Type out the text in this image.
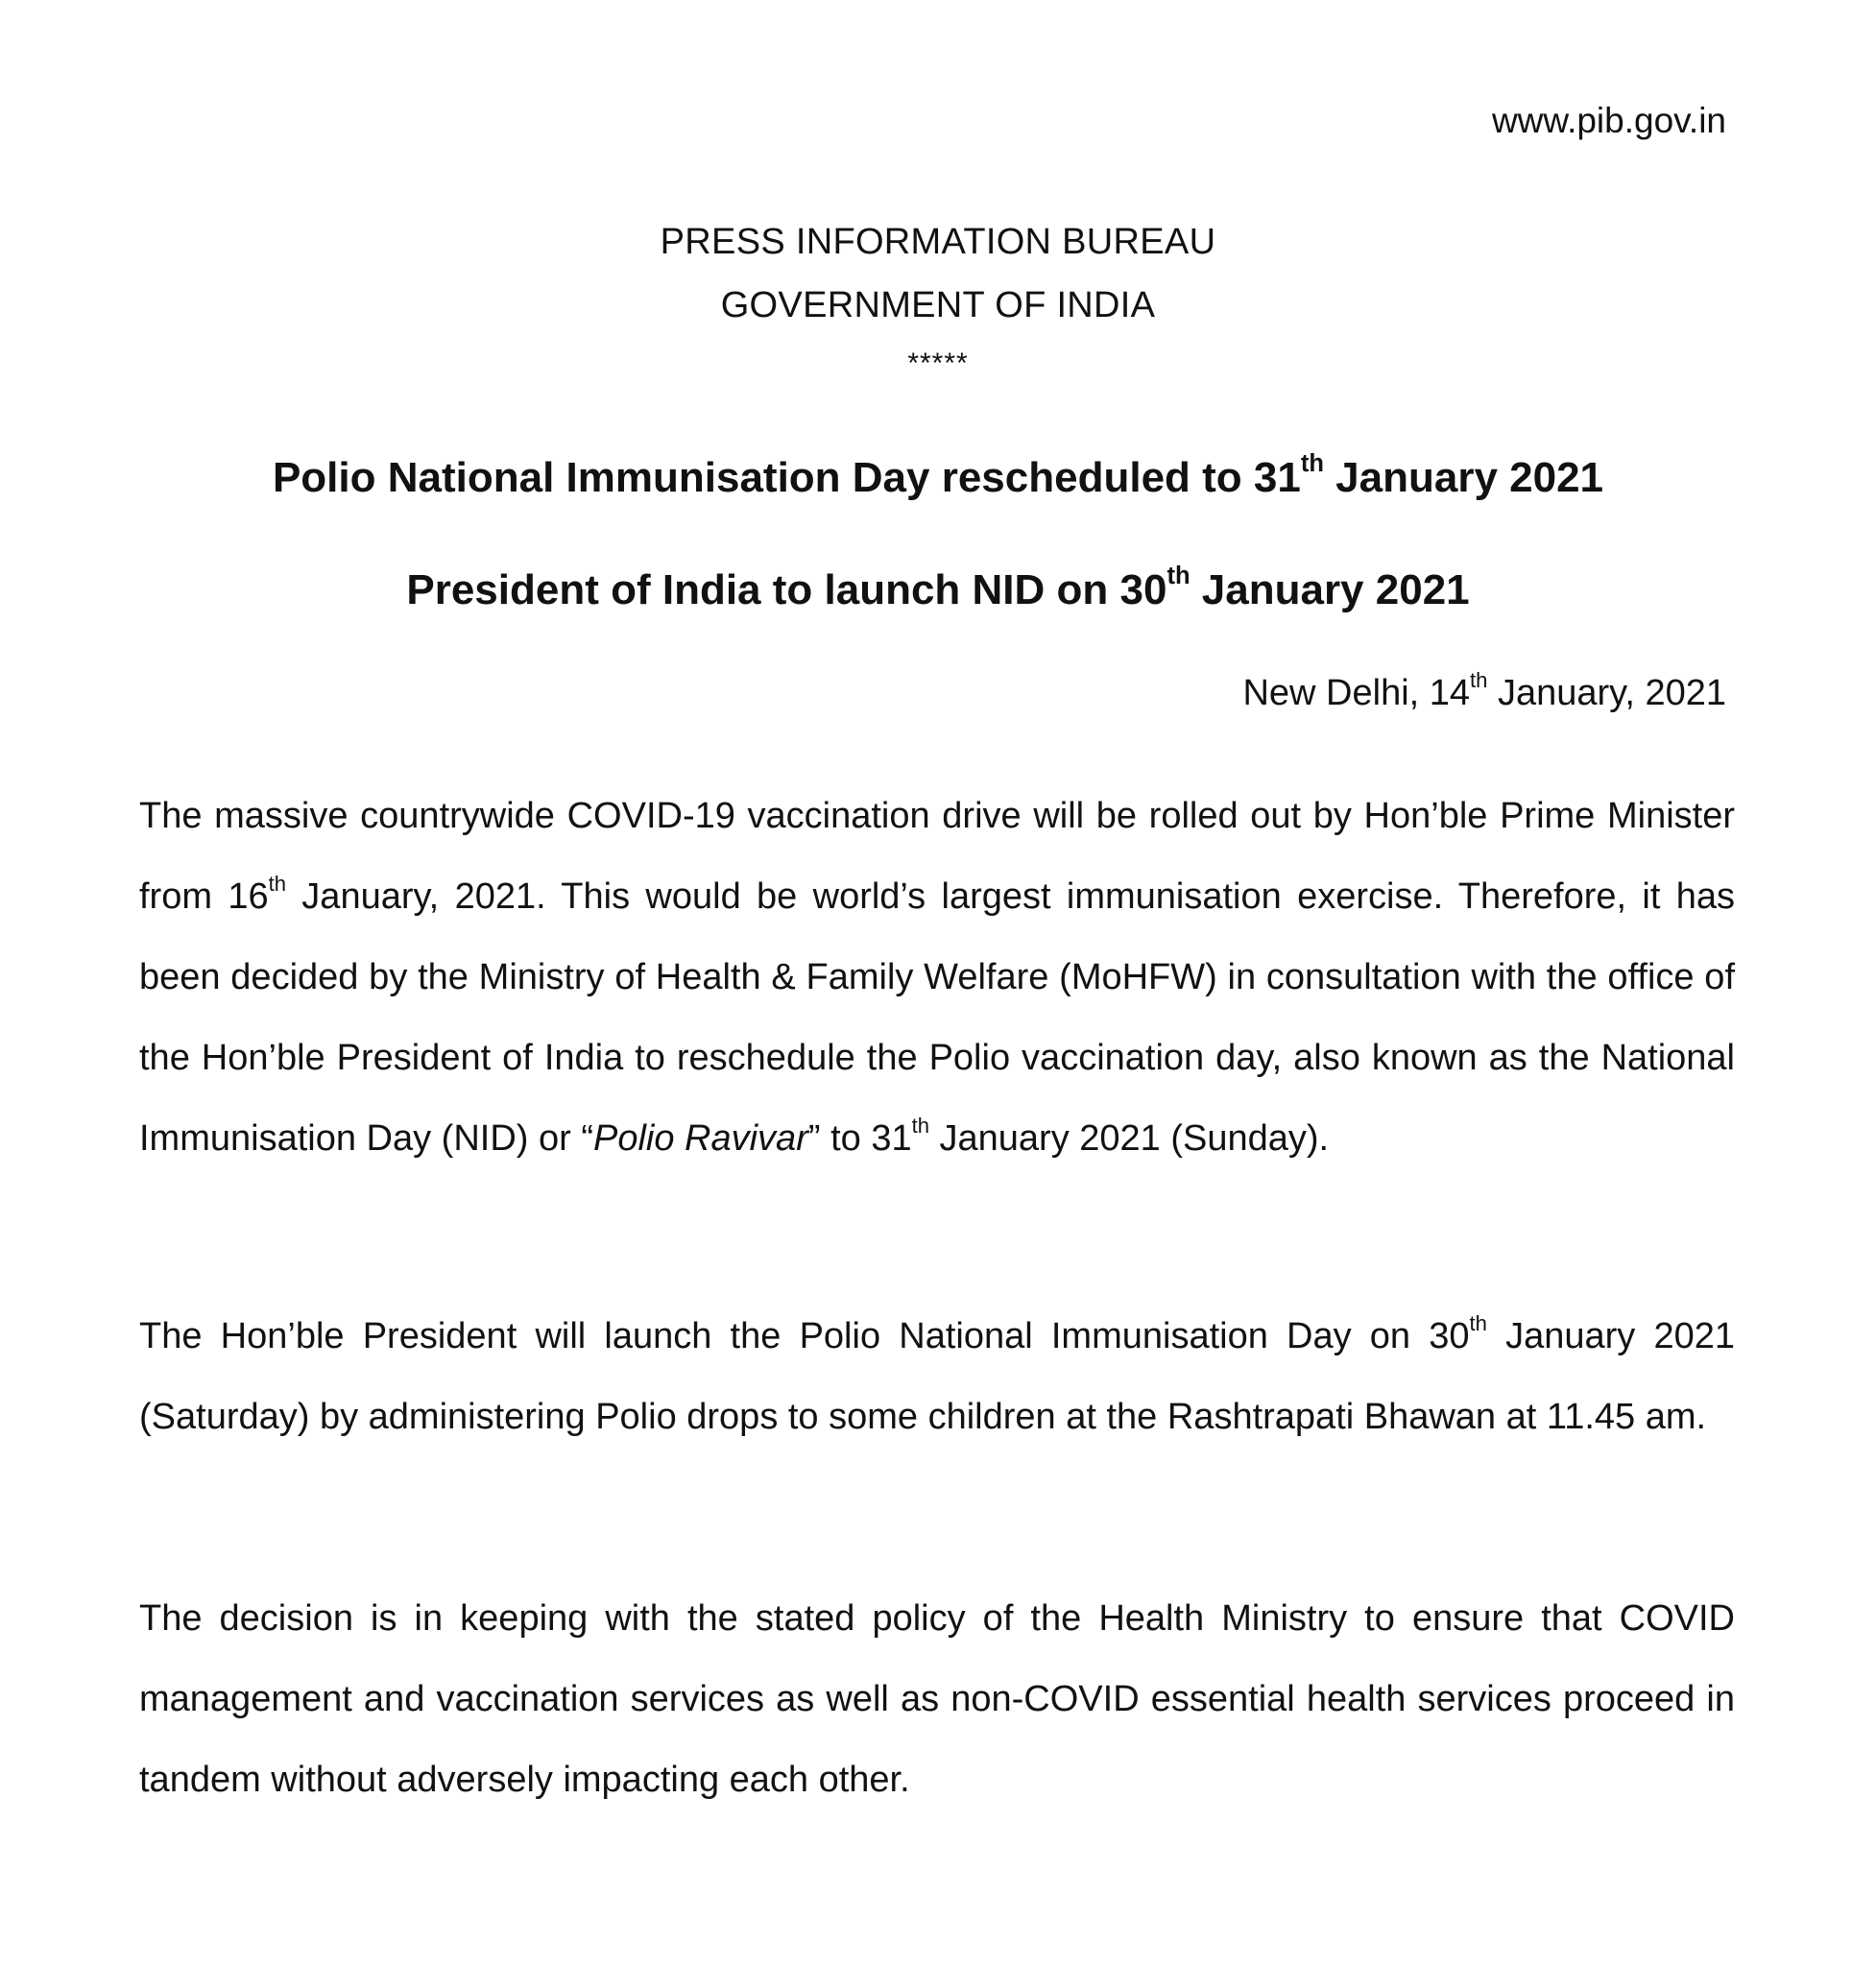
www.pib.gov.in
PRESS INFORMATION BUREAU
GOVERNMENT OF INDIA
*****
Polio National Immunisation Day rescheduled to 31th January 2021
President of India to launch NID on 30th January 2021
New Delhi, 14th January, 2021
The massive countrywide COVID-19 vaccination drive will be rolled out by Hon’ble Prime Minister from 16th January, 2021. This would be world’s largest immunisation exercise. Therefore, it has been decided by the Ministry of Health & Family Welfare (MoHFW) in consultation with the office of the Hon’ble President of India to reschedule the Polio vaccination day, also known as the National Immunisation Day (NID) or “Polio Ravivar” to 31th January 2021 (Sunday).
The Hon’ble President will launch the Polio National Immunisation Day on 30th January 2021 (Saturday) by administering Polio drops to some children at the Rashtrapati Bhawan at 11.45 am.
The decision is in keeping with the stated policy of the Health Ministry to ensure that COVID management and vaccination services as well as non-COVID essential health services proceed in tandem without adversely impacting each other.
